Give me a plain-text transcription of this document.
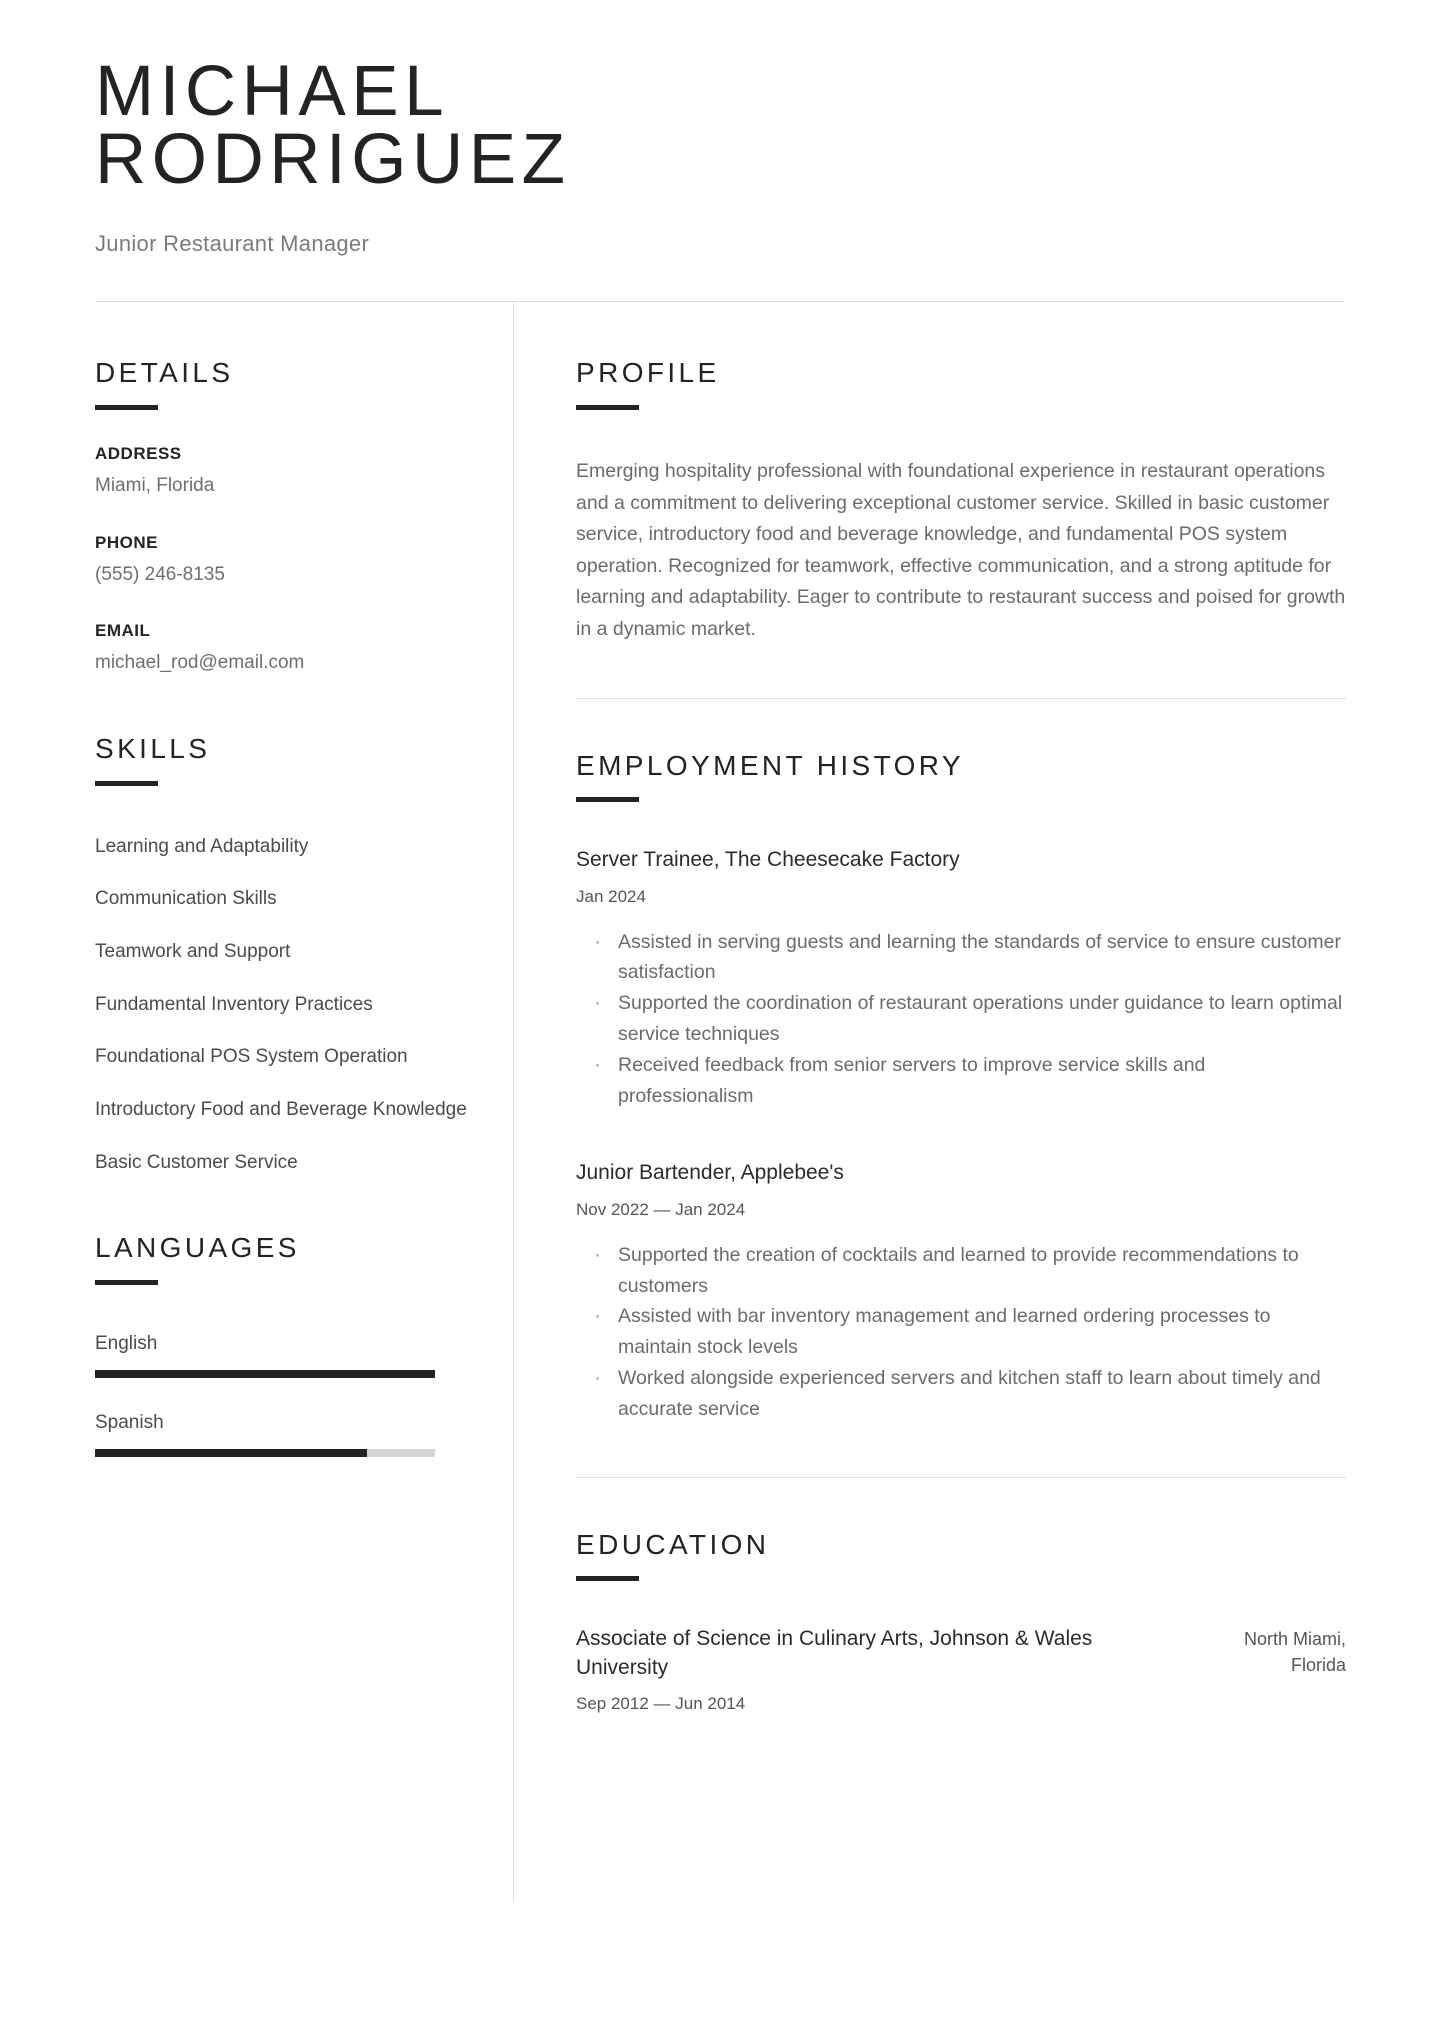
MICHAEL RODRIGUEZ
Junior Restaurant Manager
DETAILS
ADDRESS
Miami, Florida
PHONE
(555) 246-8135
EMAIL
michael_rod@email.com
SKILLS
Learning and Adaptability
Communication Skills
Teamwork and Support
Fundamental Inventory Practices
Foundational POS System Operation
Introductory Food and Beverage Knowledge
Basic Customer Service
LANGUAGES
English
Spanish
PROFILE

Emerging hospitality professional with foundational experience in restaurant operations and a commitment to delivering exceptional customer service. Skilled in basic customer service, introductory food and beverage knowledge, and fundamental POS system operation. Recognized for teamwork, effective communication, and a strong aptitude for learning and adaptability. Eager to contribute to restaurant success and poised for growth in a dynamic market.

EMPLOYMENT HISTORY
Server Trainee, The Cheesecake Factory
Jan 2024
· Assisted in serving guests and learning the standards of service to ensure customer satisfaction
· Supported the coordination of restaurant operations under guidance to learn optimal service techniques
· Received feedback from senior servers to improve service skills and professionalism
Junior Bartender, Applebee's
Nov 2022 — Jan 2024
· Supported the creation of cocktails and learned to provide recommendations to customers
· Assisted with bar inventory management and learned ordering processes to maintain stock levels
· Worked alongside experienced servers and kitchen staff to learn about timely and accurate service
EDUCATION
Associate of Science in Culinary Arts, Johnson & Wales University
Sep 2012 — Jun 2014
North Miami, Florida
